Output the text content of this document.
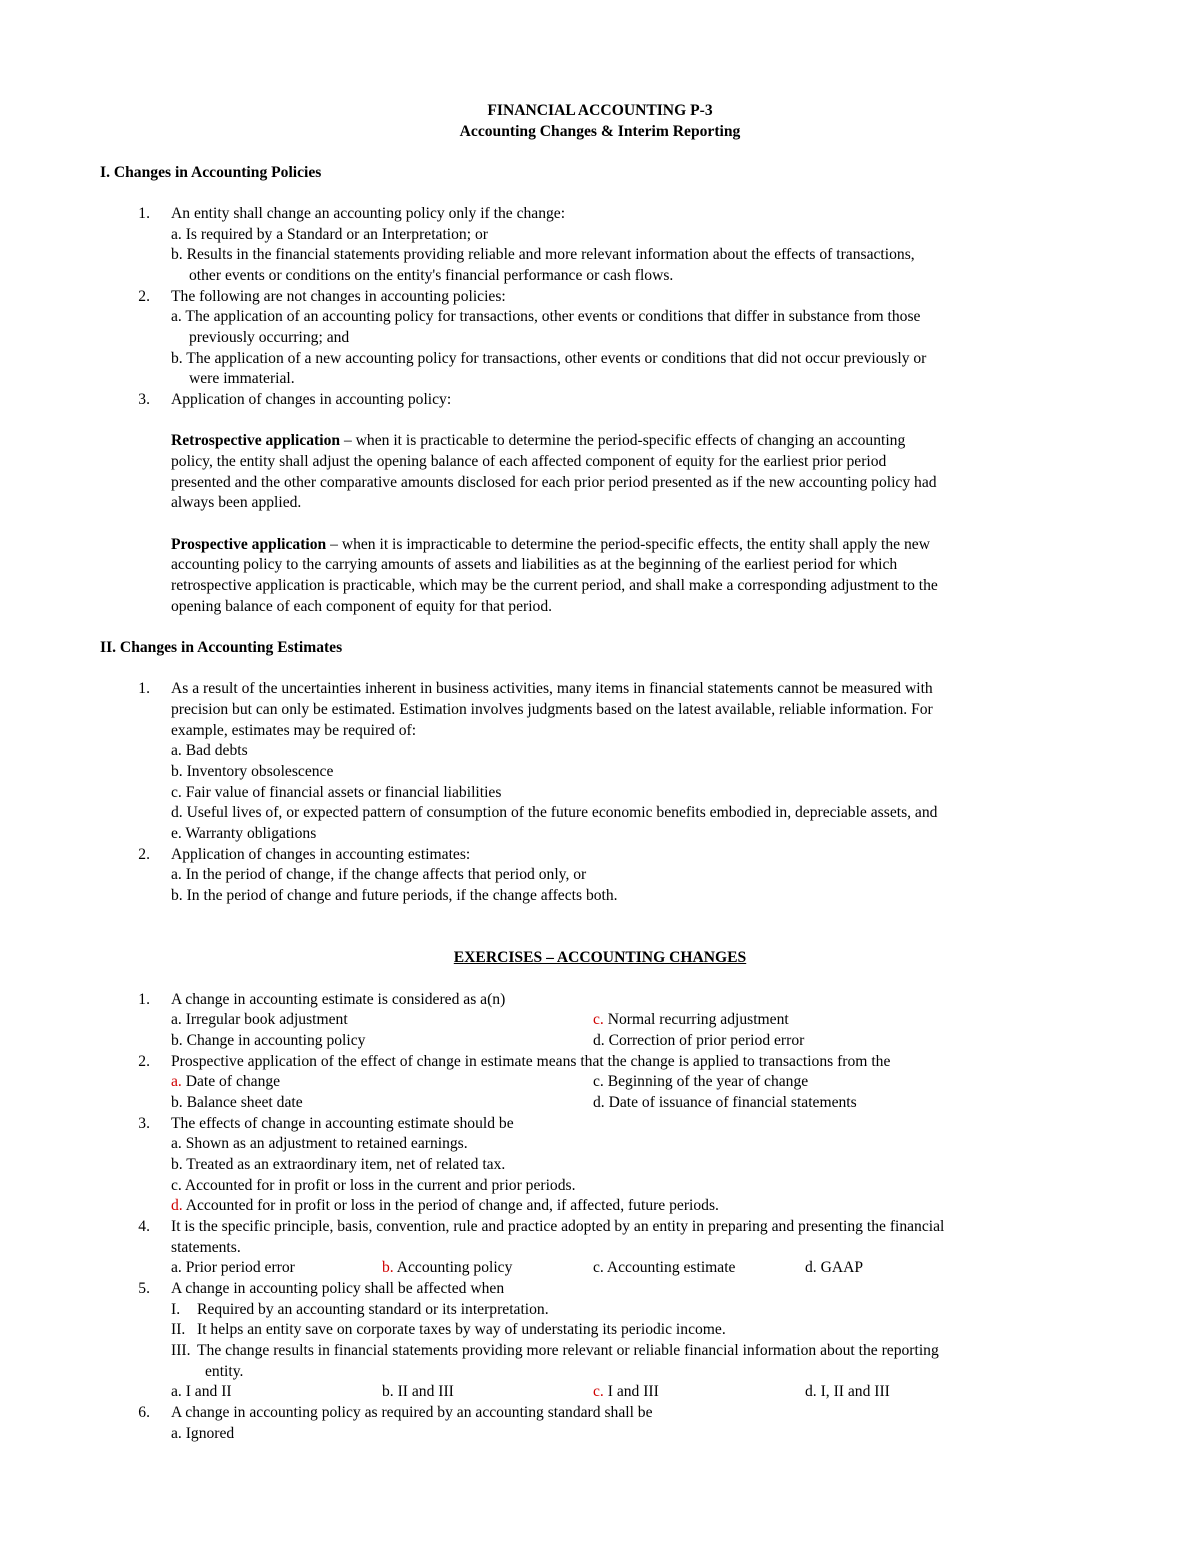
FINANCIAL ACCOUNTING P-3
Accounting Changes & Interim Reporting
I. Changes in Accounting Policies
1. An entity shall change an accounting policy only if the change:
a. Is required by a Standard or an Interpretation; or
b. Results in the financial statements providing reliable and more relevant information about the effects of transactions,
other events or conditions on the entity's financial performance or cash flows.
2. The following are not changes in accounting policies:
a. The application of an accounting policy for transactions, other events or conditions that differ in substance from those
previously occurring; and
b. The application of a new accounting policy for transactions, other events or conditions that did not occur previously or
were immaterial.
3. Application of changes in accounting policy:
Retrospective application – when it is practicable to determine the period-specific effects of changing an accounting
policy, the entity shall adjust the opening balance of each affected component of equity for the earliest prior period
presented and the other comparative amounts disclosed for each prior period presented as if the new accounting policy had
always been applied.
Prospective application – when it is impracticable to determine the period-specific effects, the entity shall apply the new
accounting policy to the carrying amounts of assets and liabilities as at the beginning of the earliest period for which
retrospective application is practicable, which may be the current period, and shall make a corresponding adjustment to the
opening balance of each component of equity for that period.
II. Changes in Accounting Estimates
1. As a result of the uncertainties inherent in business activities, many items in financial statements cannot be measured with
precision but can only be estimated. Estimation involves judgments based on the latest available, reliable information. For
example, estimates may be required of:
a. Bad debts
b. Inventory obsolescence
c. Fair value of financial assets or financial liabilities
d. Useful lives of, or expected pattern of consumption of the future economic benefits embodied in, depreciable assets, and
e. Warranty obligations
2. Application of changes in accounting estimates:
a. In the period of change, if the change affects that period only, or
b. In the period of change and future periods, if the change affects both.
EXERCISES – ACCOUNTING CHANGES
1. A change in accounting estimate is considered as a(n)
a. Irregular book adjustment	c. Normal recurring adjustment
b. Change in accounting policy	d. Correction of prior period error
2. Prospective application of the effect of change in estimate means that the change is applied to transactions from the
a. Date of change	c. Beginning of the year of change
b. Balance sheet date	d. Date of issuance of financial statements
3. The effects of change in accounting estimate should be
a. Shown as an adjustment to retained earnings.
b. Treated as an extraordinary item, net of related tax.
c. Accounted for in profit or loss in the current and prior periods.
d. Accounted for in profit or loss in the period of change and, if affected, future periods.
4. It is the specific principle, basis, convention, rule and practice adopted by an entity in preparing and presenting the financial
statements.
a. Prior period error	b. Accounting policy	c. Accounting estimate	d. GAAP
5. A change in accounting policy shall be affected when
I. Required by an accounting standard or its interpretation.
II. It helps an entity save on corporate taxes by way of understating its periodic income.
III. The change results in financial statements providing more relevant or reliable financial information about the reporting
entity.
a. I and II	b. II and III	c. I and III	d. I, II and III
6. A change in accounting policy as required by an accounting standard shall be
a. Ignored
